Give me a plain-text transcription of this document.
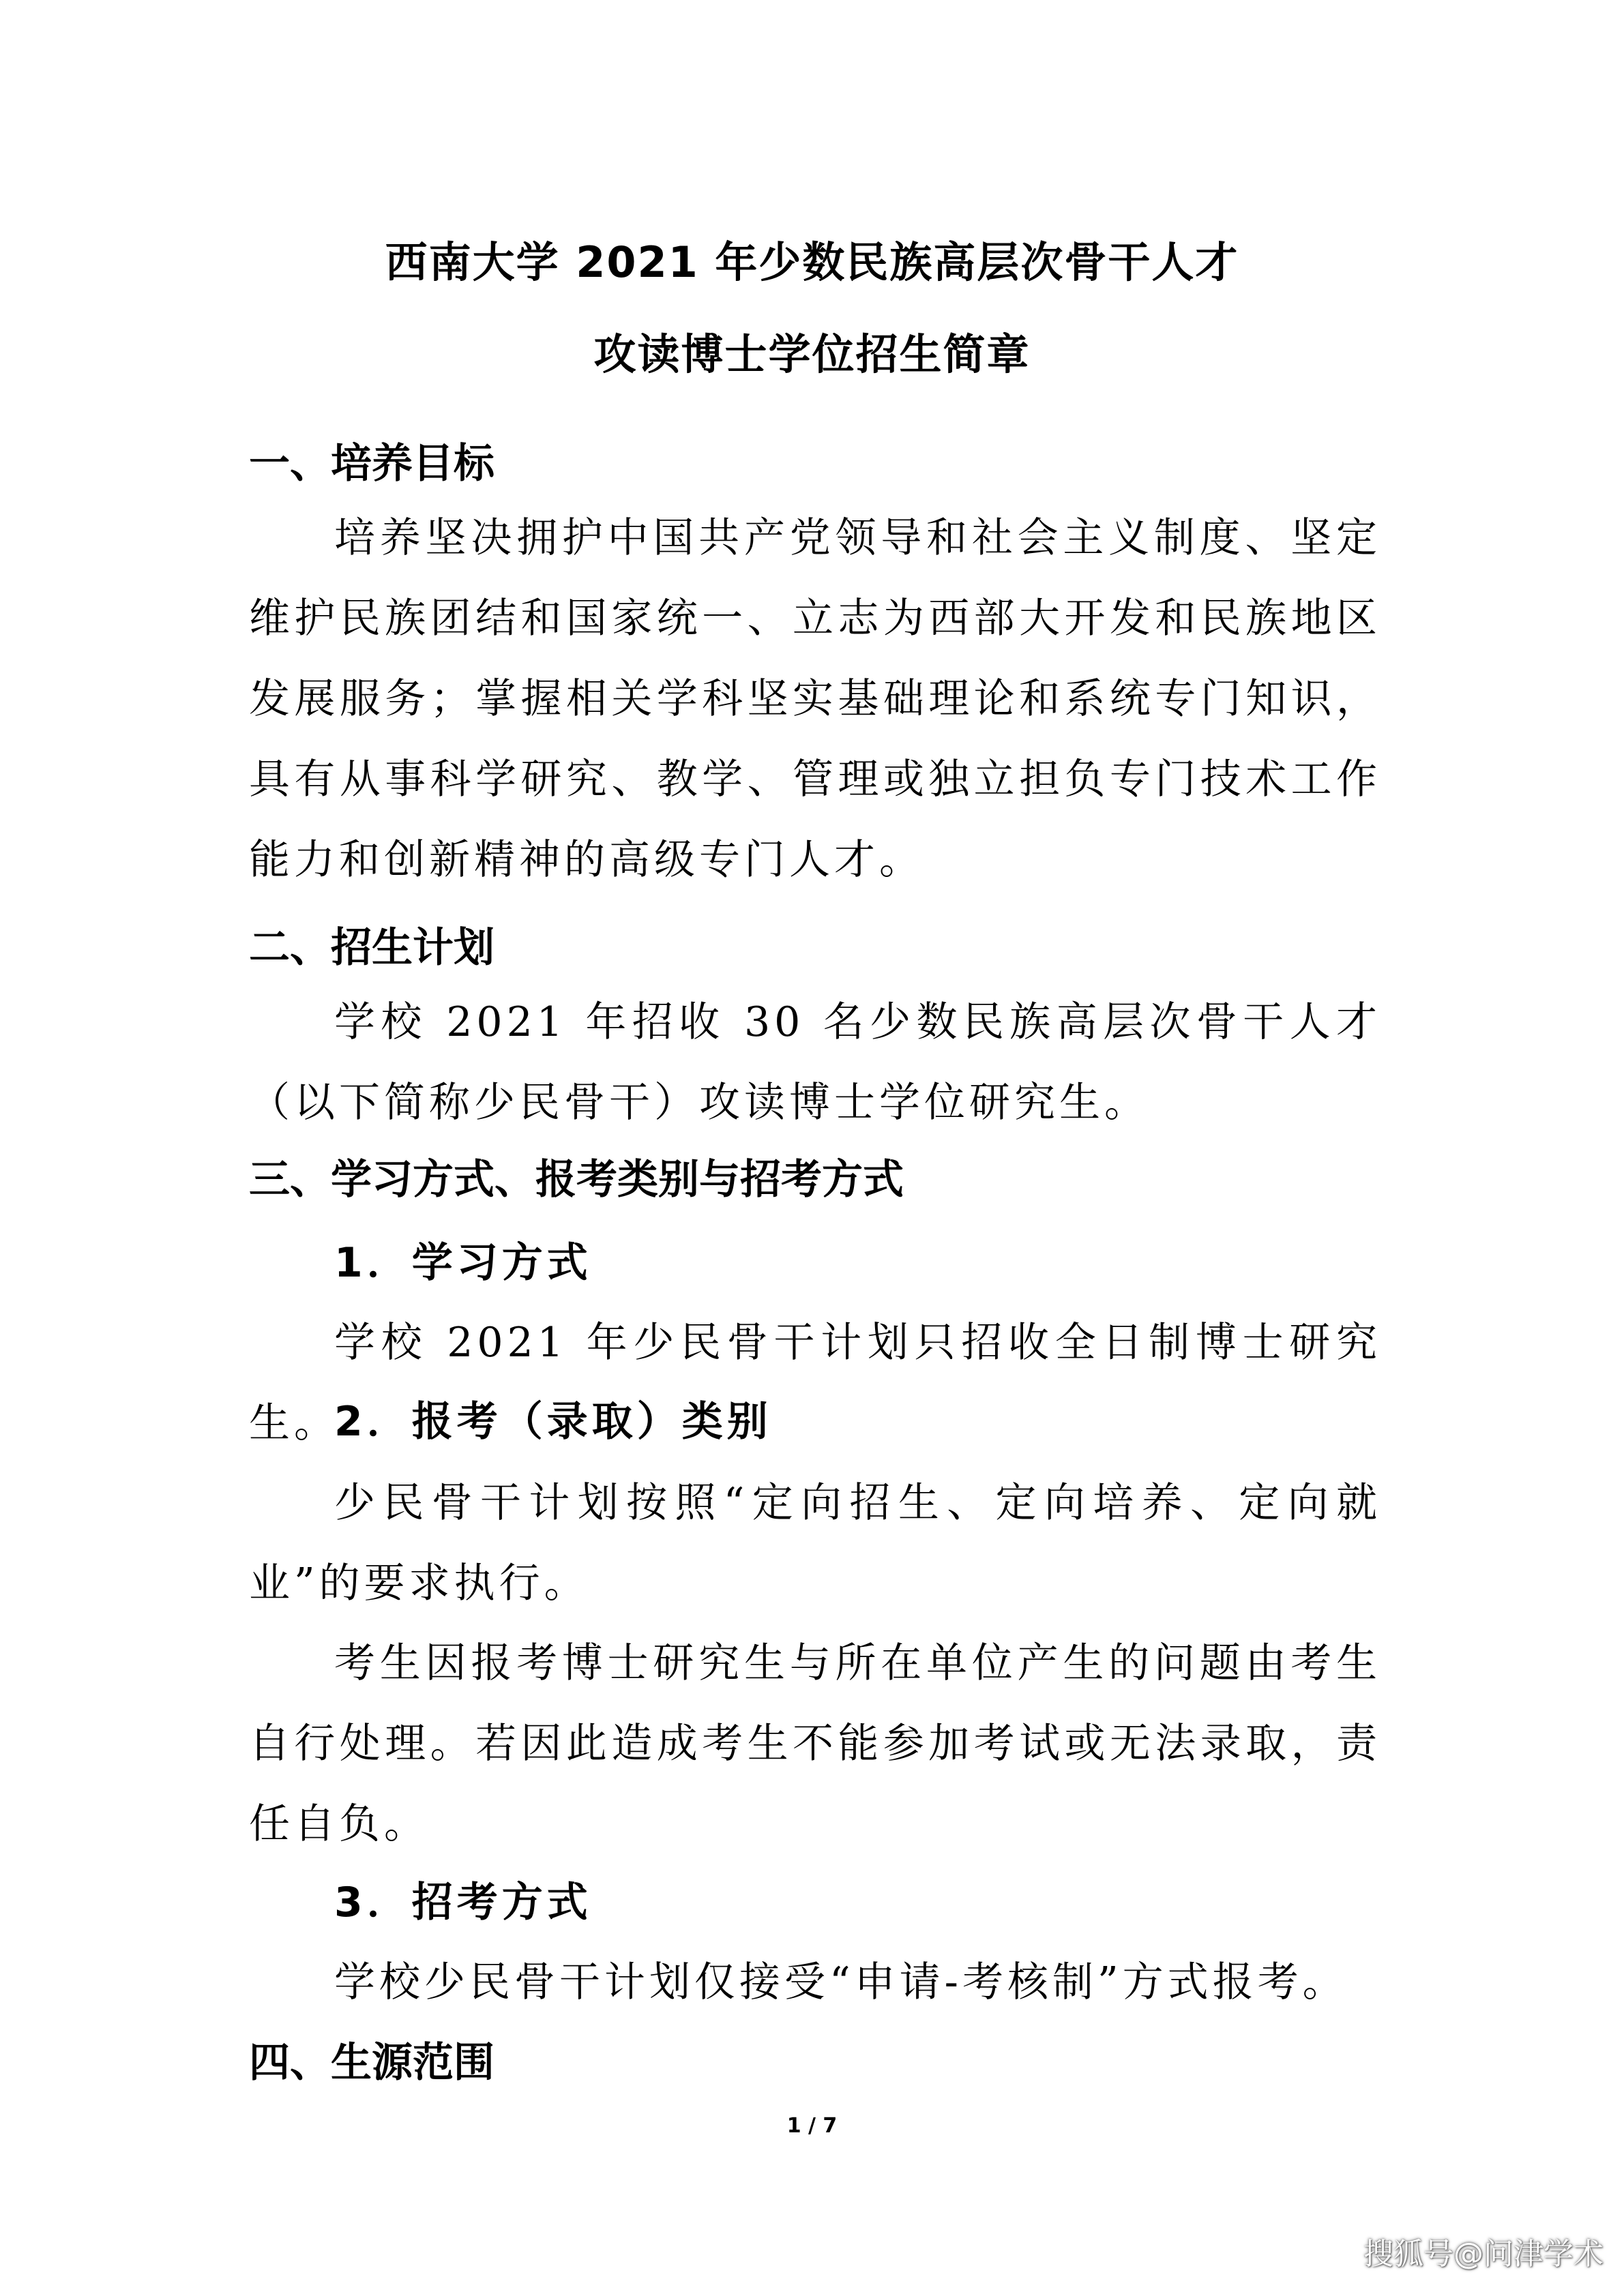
西南大学 2021 年少数民族高层次骨干人才
攻读博士学位招生简章
一、培养目标

培养坚决拥护中国共产党领导和社会主义制度、坚定维护民族团结和国家统一、立志为西部大开发和民族地区发展服务；掌握相关学科坚实基础理论和系统专门知识，具有从事科学研究、教学、管理或独立担负专门技术工作能力和创新精神的高级专门人才。

二、招生计划

学校 2021 年招收 30 名少数民族高层次骨干人才（以下简称少民骨干）攻读博士学位研究生。

三、学习方式、报考类别与招考方式
1．学习方式

学校 2021 年少民骨干计划只招收全日制博士研究生。

2．报考（录取）类别

少民骨干计划按照“定向招生、定向培养、定向就业”的要求执行。

考生因报考博士研究生与所在单位产生的问题由考生自行处理。若因此造成考生不能参加考试或无法录取，责任自负。

3．招考方式

学校少民骨干计划仅接受“申请-考核制”方式报考。

四、生源范围

1 / 7

搜狐号@问津学术
